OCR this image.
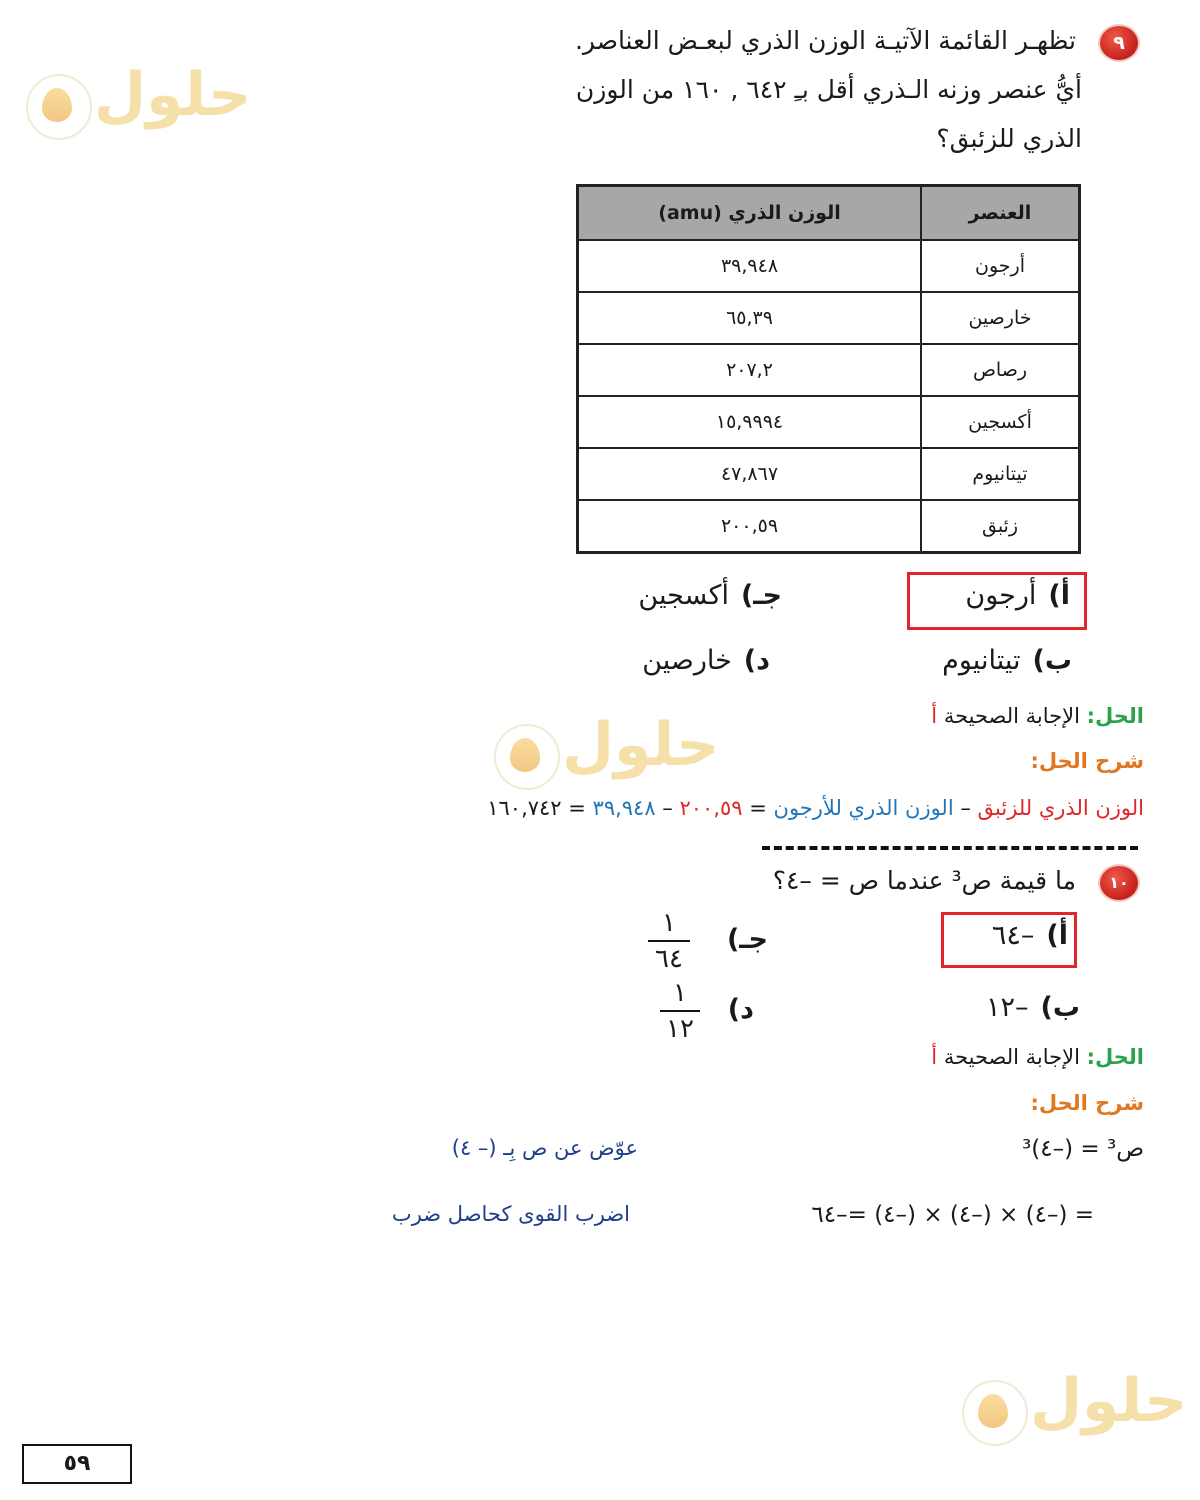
حلول
حلول
حلول
٩
تظهـر القائمة الآتيـة الوزن الذري لبعـض العناصر.
أيُّ عنصر وزنه الـذري أقل بـِ ٦٤٢ , ١٦٠ من الوزن
الذري للزئبق؟
العنصر	الوزن الذري (amu)
أرجون	٣٩,٩٤٨
خارصين	٦٥,٣٩
رصاص	٢٠٧,٢
أكسجين	١٥,٩٩٩٤
تيتانيوم	٤٧,٨٦٧
زئبق	٢٠٠,٥٩
أ)أرجون
ب)تيتانيوم
جـ)أكسجين
د)خارصين
الحل: الإجابة الصحيحة أ
شرح الحل:
الوزن الذري للزئبق – الوزن الذري للأرجون = ٢٠٠,٥٩ – ٣٩,٩٤٨ = ١٦٠,٧٤٢
١٠
ما قيمة ص³ عندما ص = –٤؟
أ)–٦٤
ب)–١٢
جـ)
١
٦٤
د)
١
١٢
الحل: الإجابة الصحيحة أ
شرح الحل:
ص³ = (–٤)³
عوّض عن ص بِـ (– ٤)
= (–٤) × (–٤) × (–٤) =–٦٤
اضرب القوى كحاصل ضرب
٥٩
